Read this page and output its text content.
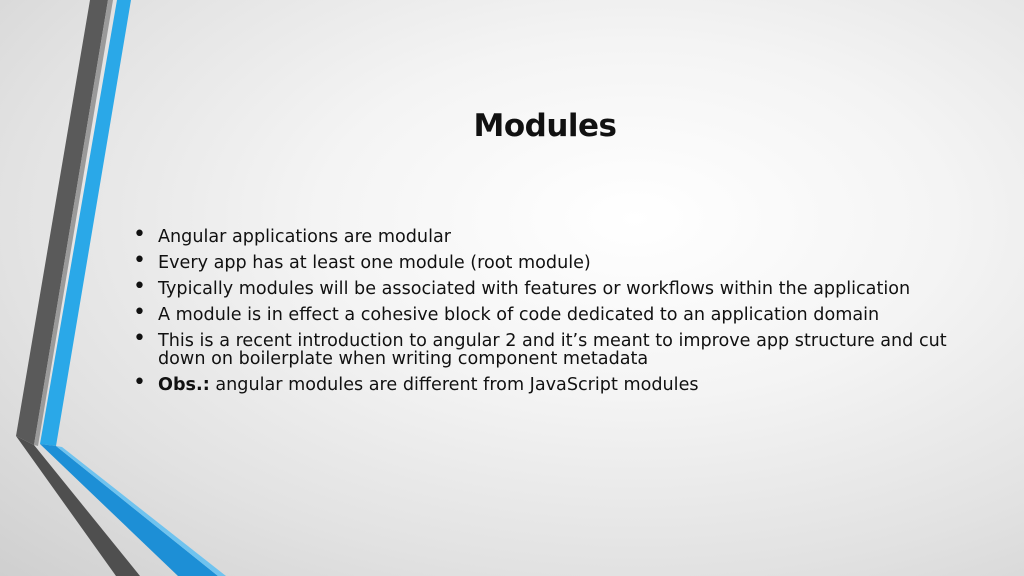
Modules
• Angular applications are modular
• Every app has at least one module (root module)
• Typically modules will be associated with features or workflows within the application
• A module is in effect a cohesive block of code dedicated to an application domain
• This is a recent introduction to angular 2 and it’s meant to improve app structure and cut down on boilerplate when writing component metadata
• Obs.: angular modules are different from JavaScript modules
